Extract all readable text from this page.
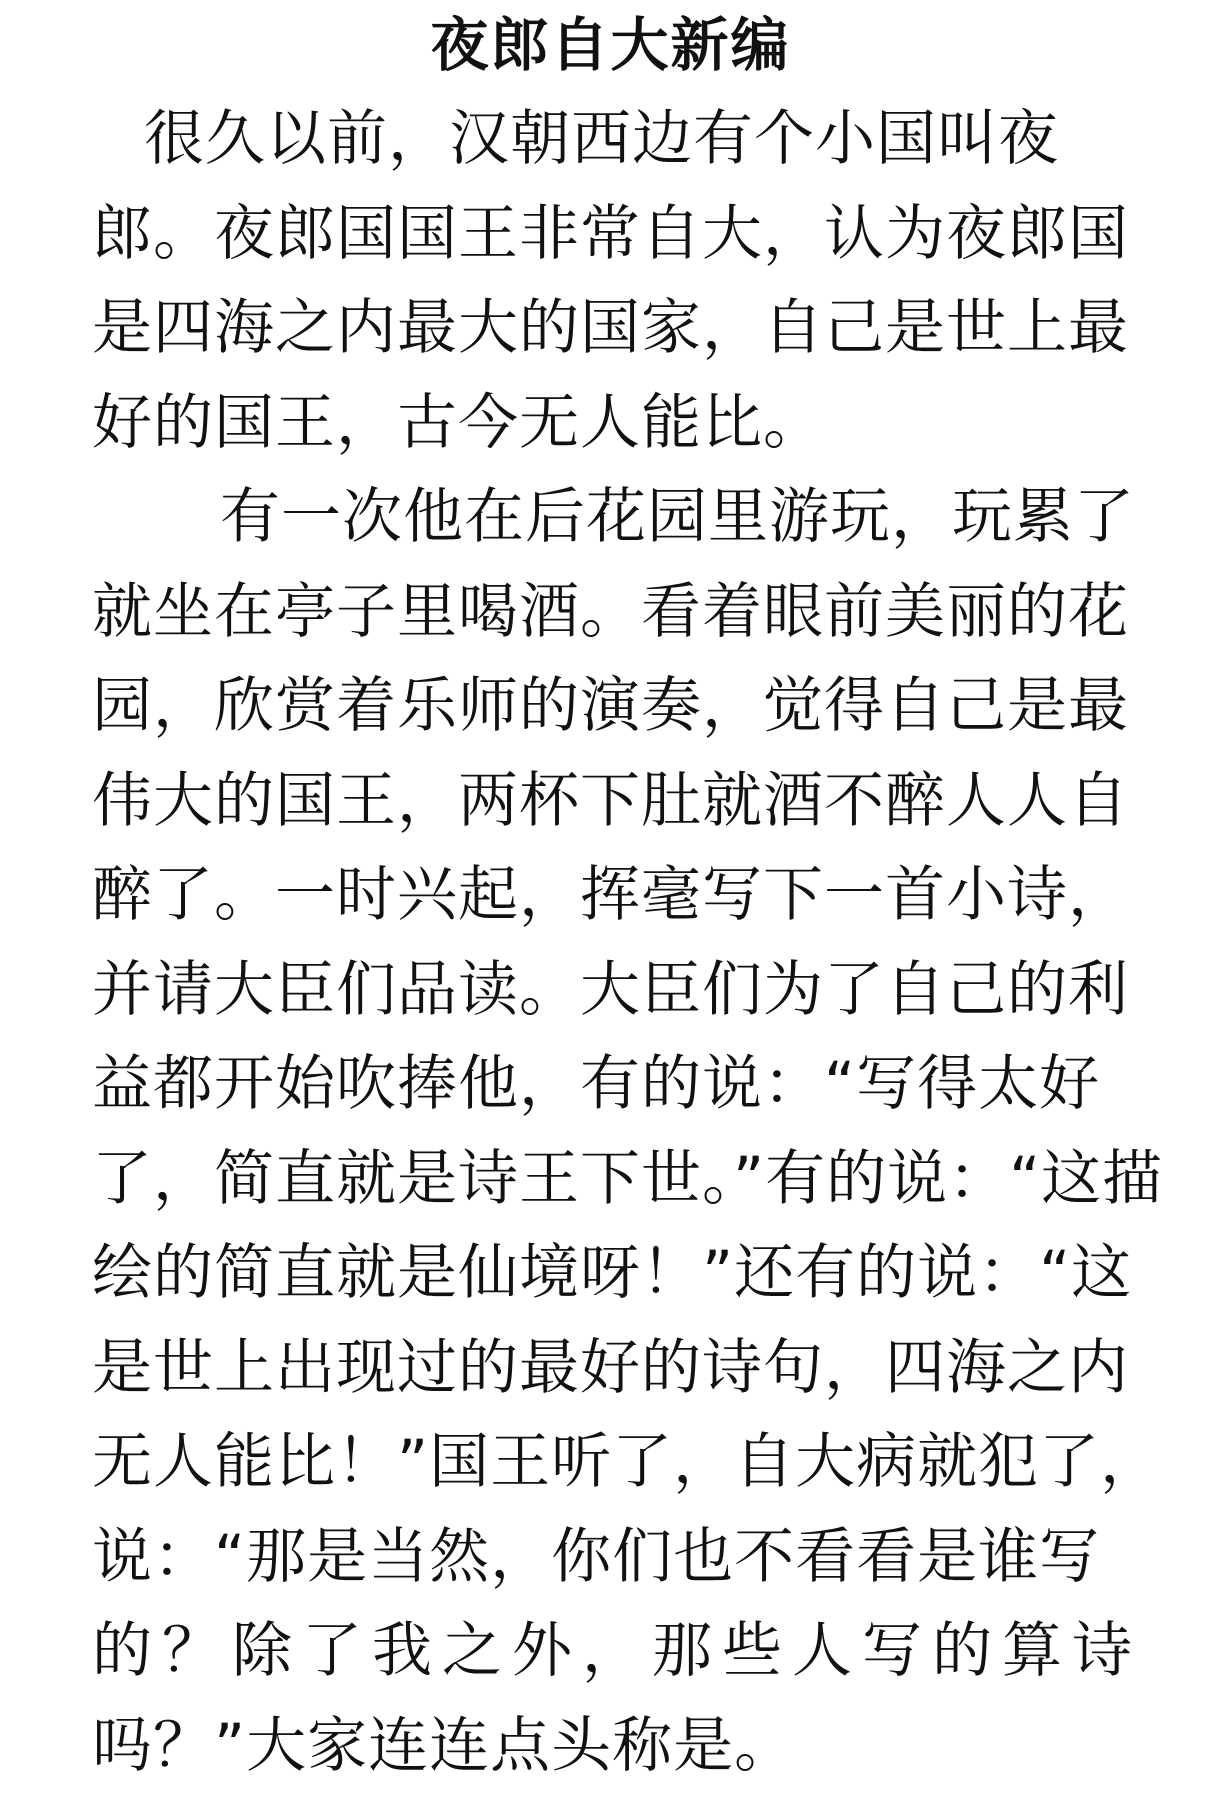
夜郎自大新编
很久以前，汉朝西边有个小国叫夜
郎。夜郎国国王非常自大，认为夜郎国
是四海之内最大的国家，自己是世上最
好的国王，古今无人能比。
有一次他在后花园里游玩，玩累了
就坐在亭子里喝酒。看着眼前美丽的花
园，欣赏着乐师的演奏，觉得自己是最
伟大的国王，两杯下肚就酒不醉人人自
醉了。一时兴起，挥毫写下一首小诗，
并请大臣们品读。大臣们为了自己的利
益都开始吹捧他，有的说：“写得太好
了，简直就是诗王下世。”有的说：“这描
绘的简直就是仙境呀！”还有的说：“这
是世上出现过的最好的诗句，四海之内
无人能比！”国王听了，自大病就犯了，
说：“那是当然，你们也不看看是谁写
的？除了我之外，那些人写的算诗
吗？”大家连连点头称是。
